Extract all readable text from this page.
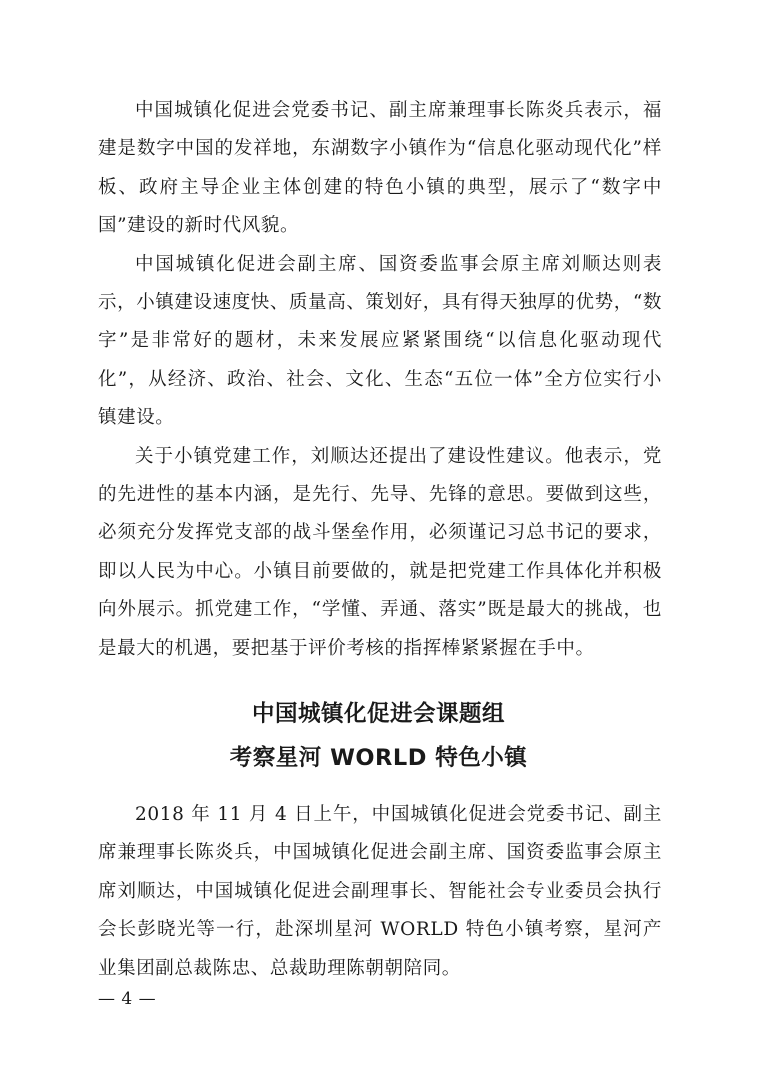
中国城镇化促进会党委书记、副主席兼理事长陈炎兵表示，福建是数字中国的发祥地，东湖数字小镇作为“信息化驱动现代化”样板、政府主导企业主体创建的特色小镇的典型，展示了“数字中国”建设的新时代风貌。

中国城镇化促进会副主席、国资委监事会原主席刘顺达则表示，小镇建设速度快、质量高、策划好，具有得天独厚的优势，“数字”是非常好的题材，未来发展应紧紧围绕“以信息化驱动现代化”，从经济、政治、社会、文化、生态“五位一体”全方位实行小镇建设。

关于小镇党建工作，刘顺达还提出了建设性建议。他表示，党的先进性的基本内涵，是先行、先导、先锋的意思。要做到这些，必须充分发挥党支部的战斗堡垒作用，必须谨记习总书记的要求，即以人民为中心。小镇目前要做的，就是把党建工作具体化并积极向外展示。抓党建工作，“学懂、弄通、落实”既是最大的挑战，也是最大的机遇，要把基于评价考核的指挥棒紧紧握在手中。

中国城镇化促进会课题组
考察星河 WORLD 特色小镇

2018 年 11 月 4 日上午，中国城镇化促进会党委书记、副主席兼理事长陈炎兵，中国城镇化促进会副主席、国资委监事会原主席刘顺达，中国城镇化促进会副理事长、智能社会专业委员会执行会长彭晓光等一行，赴深圳星河 WORLD 特色小镇考察，星河产业集团副总裁陈忠、总裁助理陈朝朝陪同。

— 4 —
